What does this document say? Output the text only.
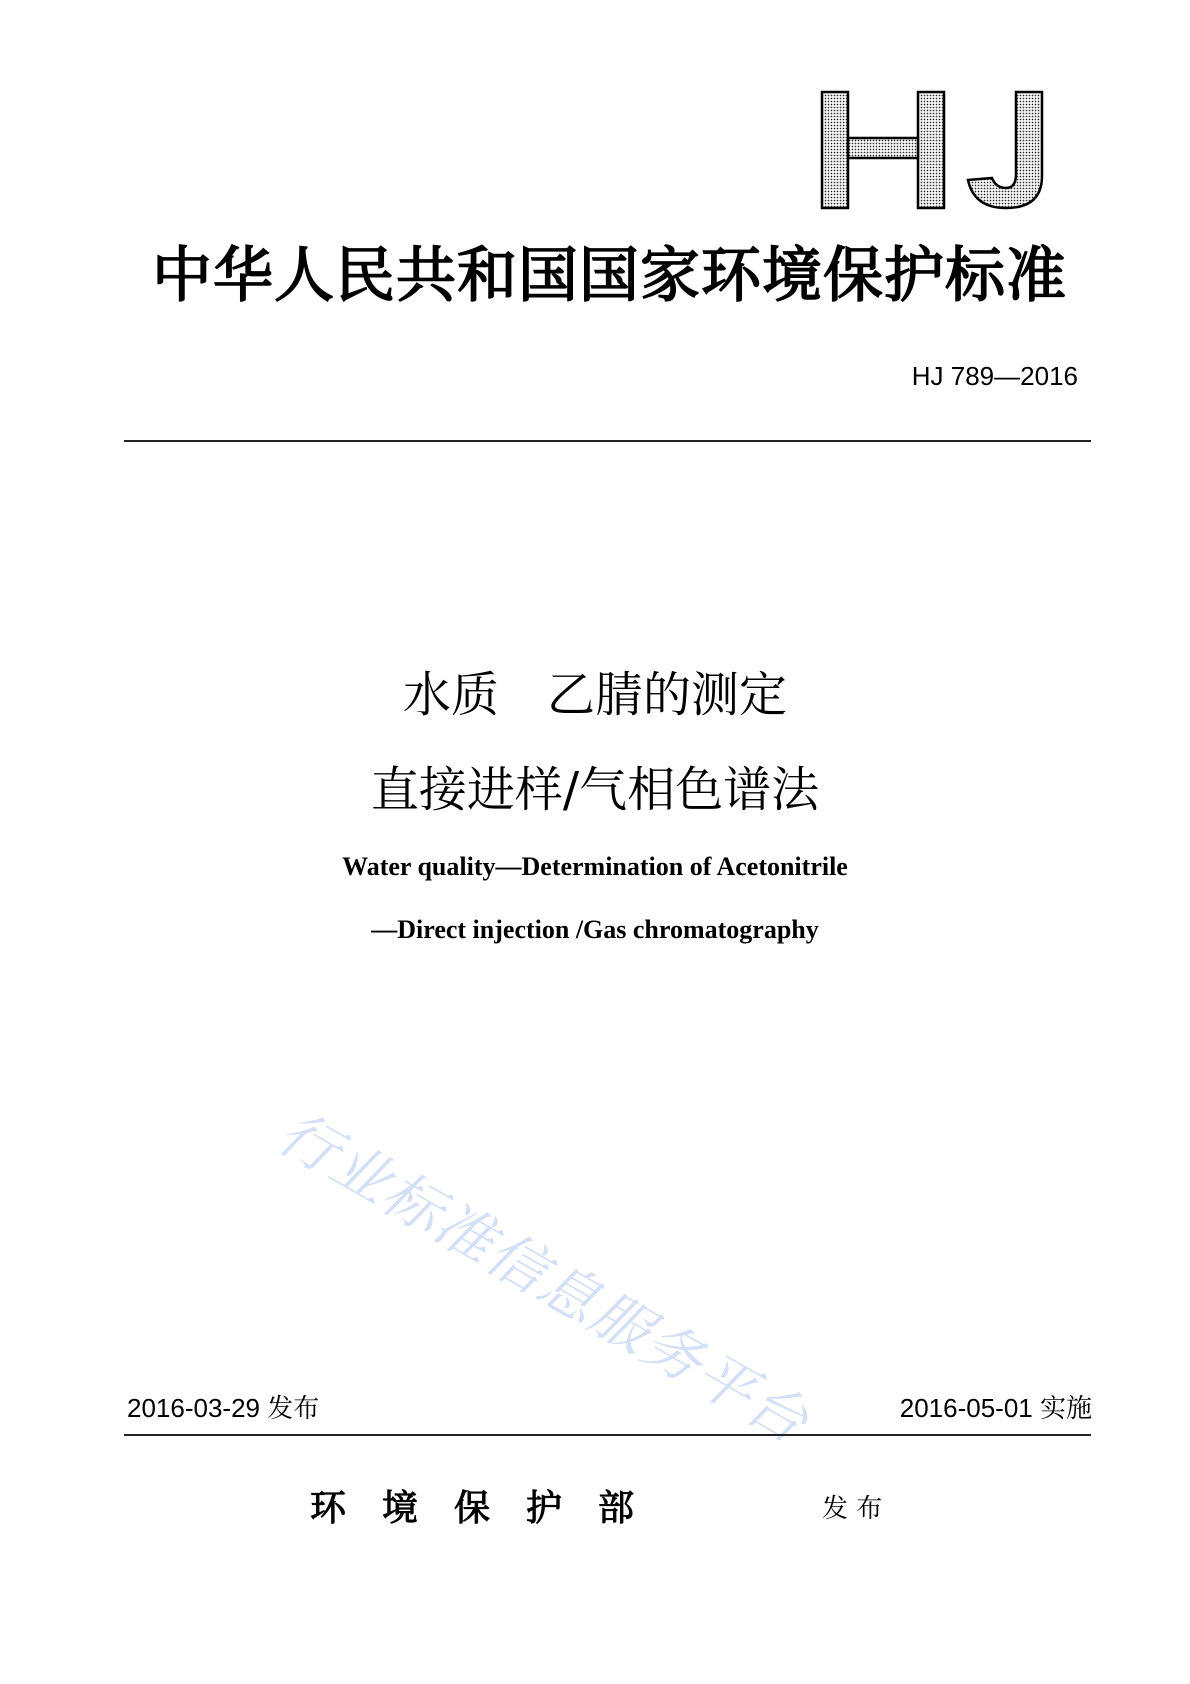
中华人民共和国国家环境保护标准
HJ 789—2016
水质　乙腈的测定
直接进样/气相色谱法
Water quality—Determination of Acetonitrile
—Direct injection /Gas chromatography
行业标准信息服务平台
2016-03-29 发布	2016-05-01 实施
环　境　保　护　部	发 布
